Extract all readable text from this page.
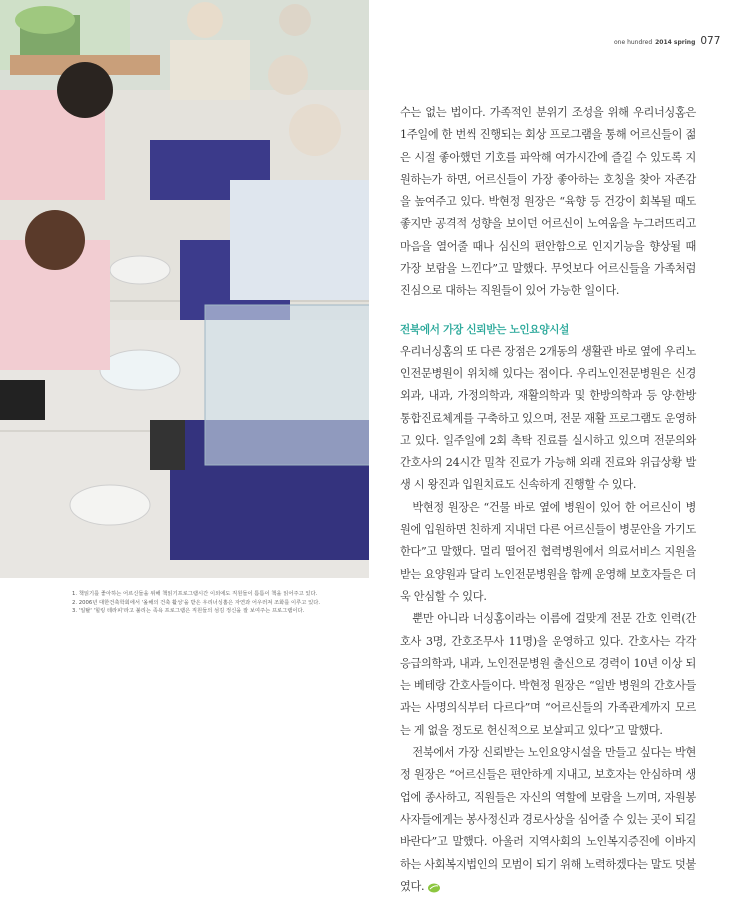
1. 책읽기를 좋아하는 어르신들을 위해 책읽기프로그램시간 이외에도 직원들이 틈틈이 책을 읽어주고 있다.
2. 2006년 대한건축학회에서 '올해의 건축 활성'을 받은 우리너싱홈은 자연과 어우러져 조화를 이루고 있다.
3. '일탈' '힐링 테라피'라고 불리는 족욕 프로그램은 직원들의 섬김 정신을 잘 보여주는 프로그램이다.
one hundred 2014 spring 077

수는 없는 법이다. 가족적인 분위기 조성을 위해 우리너싱홈은 1주일에 한 번씩 진행되는 회상 프로그램을 통해 어르신들이 젊은 시절 좋아했던 기호를 파악해 여가시간에 즐길 수 있도록 지원하는가 하면, 어르신들이 가장 좋아하는 호칭을 찾아 자존감을 높여주고 있다. 박현정 원장은 “육향 등 건강이 회복될 때도 좋지만 공격적 성향을 보이던 어르신이 노여움을 누그러뜨리고 마음을 열어줄 때나 심신의 편안함으로 인지기능을 향상될 때 가장 보람을 느낀다”고 말했다. 무엇보다 어르신들을 가족처럼 진심으로 대하는 직원들이 있어 가능한 일이다.

전북에서 가장 신뢰받는 노인요양시설

우리너싱홈의 또 다른 장점은 2개동의 생활관 바로 옆에 우리노인전문병원이 위치해 있다는 점이다. 우리노인전문병원은 신경외과, 내과, 가정의학과, 재활의학과 및 한방의학과 등 양·한방 통합진료체계를 구축하고 있으며, 전문 재활 프로그램도 운영하고 있다. 일주일에 2회 촉탁 진료를 실시하고 있으며 전문의와 간호사의 24시간 밀착 진료가 가능해 외래 진료와 위급상황 발생 시 왕진과 입원치료도 신속하게 진행할 수 있다.

박현정 원장은 “건물 바로 옆에 병원이 있어 한 어르신이 병원에 입원하면 친하게 지내던 다른 어르신들이 병문안을 가기도 한다”고 말했다. 멀리 떨어진 협력병원에서 의료서비스 지원을 받는 요양원과 달리 노인전문병원을 함께 운영해 보호자들은 더욱 안심할 수 있다.

뿐만 아니라 너싱홈이라는 이름에 걸맞게 전문 간호 인력(간호사 3명, 간호조무사 11명)을 운영하고 있다. 간호사는 각각 응급의학과, 내과, 노인전문병원 출신으로 경력이 10년 이상 되는 베테랑 간호사들이다. 박현정 원장은 “일반 병원의 간호사들과는 사명의식부터 다르다”며 “어르신들의 가족관계까지 모르는 게 없을 정도로 헌신적으로 보살피고 있다”고 말했다.

전북에서 가장 신뢰받는 노인요양시설을 만들고 싶다는 박현정 원장은 “어르신들은 편안하게 지내고, 보호자는 안심하며 생업에 종사하고, 직원들은 자신의 역할에 보람을 느끼며, 자원봉사자들에게는 봉사정신과 경로사상을 심어줄 수 있는 곳이 되길 바란다”고 말했다. 아울러 지역사회의 노인복지증진에 이바지하는 사회복지법인의 모범이 되기 위해 노력하겠다는 말도 덧붙였다.
